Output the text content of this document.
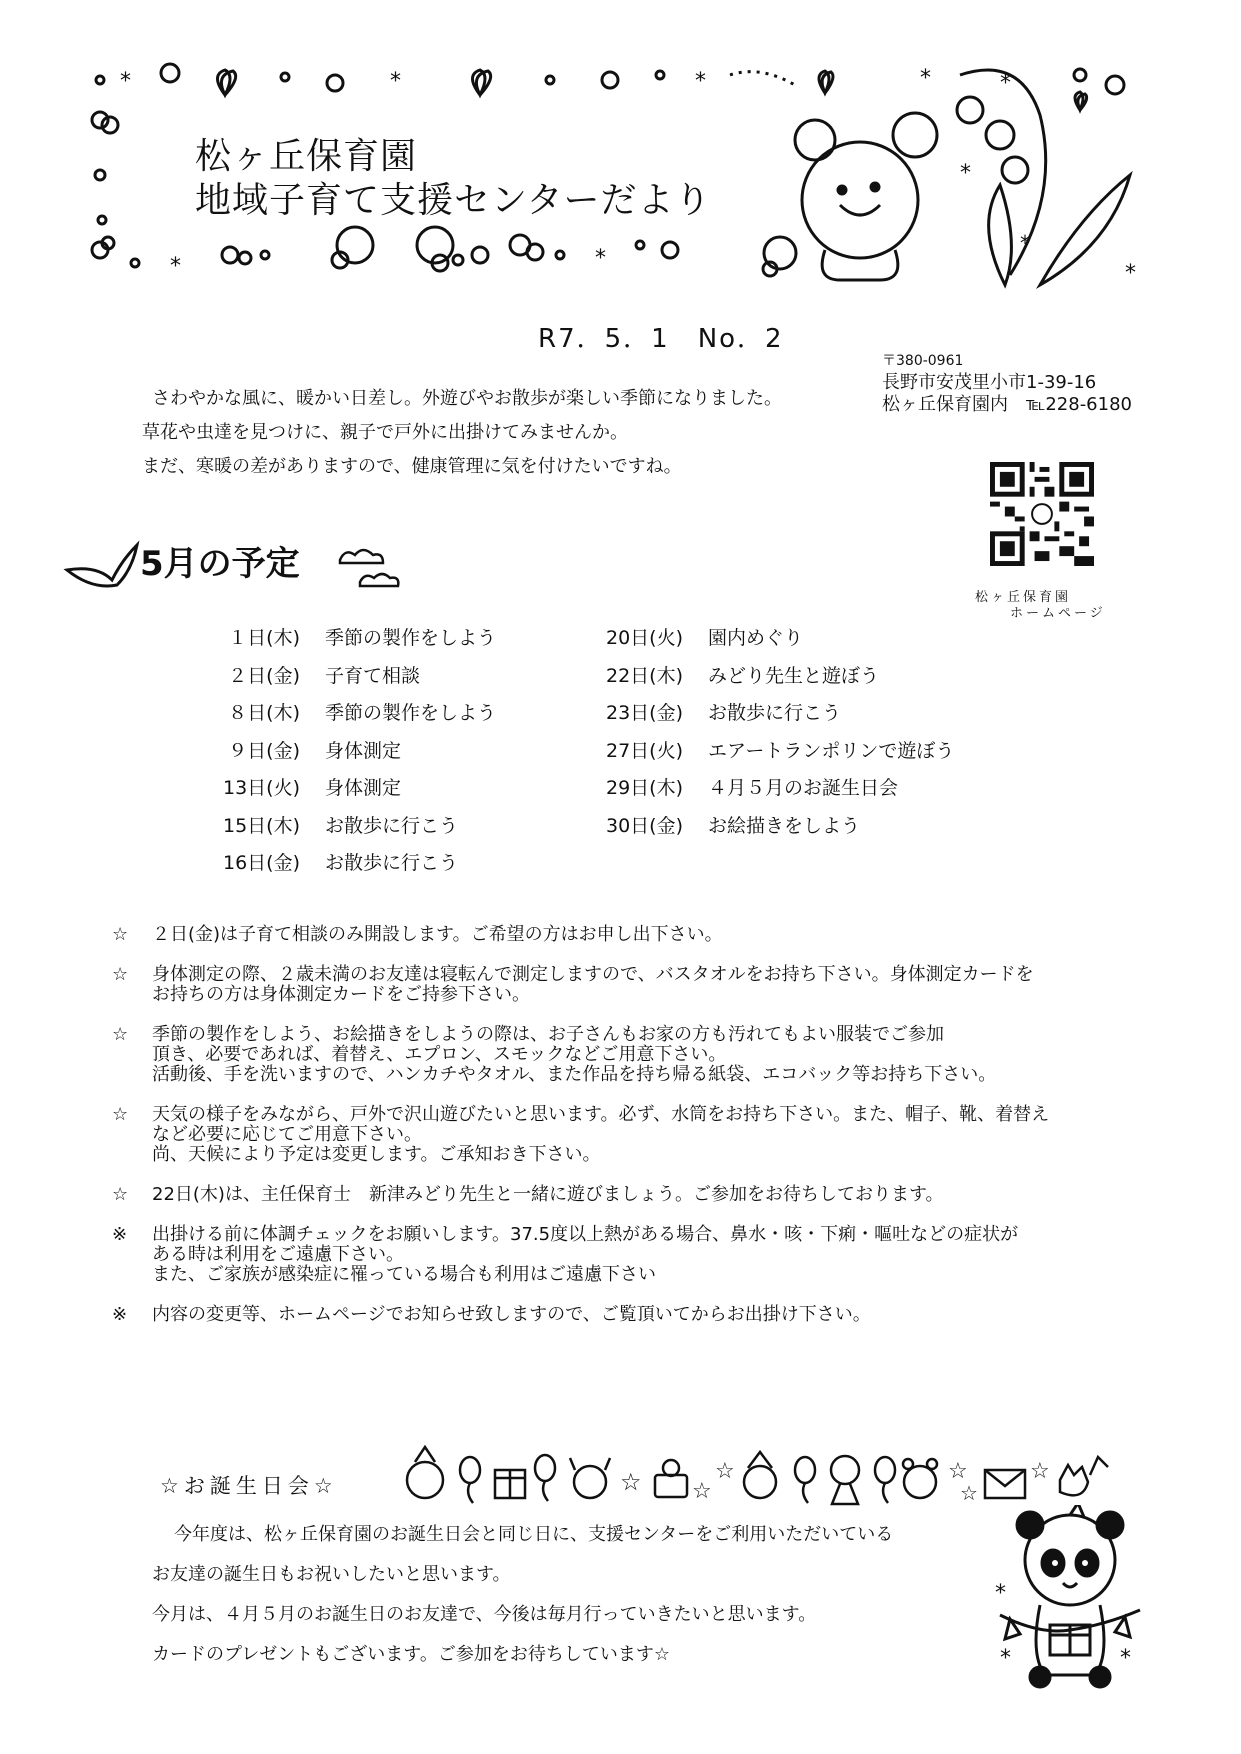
*	*	*
*	*
*	*
*
*
*
松ヶ丘保育園
地域子育て支援センターだより
R7．5．1　No．2
〒380-0961
長野市安茂里小市1-39-16
松ヶ丘保育園内　℡228-6180

さわやかな風に、暖かい日差し。外遊びやお散歩が楽しい季節になりました。

草花や虫達を見つけに、親子で戸外に出掛けてみませんか。

まだ、寒暖の差がありますので、健康管理に気を付けたいですね。

松ヶ丘保育園
ホームページ
5月の予定
１日(木)	季節の製作をしよう
２日(金)	子育て相談
８日(木)	季節の製作をしよう
９日(金)	身体測定
13日(火)	身体測定
15日(木)	お散歩に行こう
16日(金)	お散歩に行こう
20日(火)	園内めぐり
22日(木)	みどり先生と遊ぼう
23日(金)	お散歩に行こう
27日(火)	エアートランポリンで遊ぼう
29日(木)	４月５月のお誕生日会
30日(金)	お絵描きをしよう
☆	２日(金)は子育て相談のみ開設します。ご希望の方はお申し出下さい。
☆	身体測定の際、２歳未満のお友達は寝転んで測定しますので、バスタオルをお持ち下さい。身体測定カードを
お持ちの方は身体測定カードをご持参下さい。
☆	季節の製作をしよう、お絵描きをしようの際は、お子さんもお家の方も汚れてもよい服装でご参加
頂き、必要であれば、着替え、エプロン、スモックなどご用意下さい。
活動後、手を洗いますので、ハンカチやタオル、また作品を持ち帰る紙袋、エコバック等お持ち下さい。
☆	天気の様子をみながら、戸外で沢山遊びたいと思います。必ず、水筒をお持ち下さい。また、帽子、靴、着替え
など必要に応じてご用意下さい。
尚、天候により予定は変更します。ご承知おき下さい。
☆	22日(木)は、主任保育士　新津みどり先生と一緒に遊びましょう。ご参加をお待ちしております。
※	出掛ける前に体調チェックをお願いします。37.5度以上熱がある場合、鼻水・咳・下痢・嘔吐などの症状が
ある時は利用をご遠慮下さい。
また、ご家族が感染症に罹っている場合も利用はご遠慮下さい
※	内容の変更等、ホームページでお知らせ致しますので、ご覧頂いてからお出掛け下さい。
☆お誕生日会☆	☆ ☆
☆	☆
☆
☆

今年度は、松ヶ丘保育園のお誕生日会と同じ日に、支援センターをご利用いただいている

お友達の誕生日もお祝いしたいと思います。

今月は、４月５月のお誕生日のお友達で、今後は毎月行っていきたいと思います。

カードのプレゼントもございます。ご参加をお待ちしています☆

*
*	*
